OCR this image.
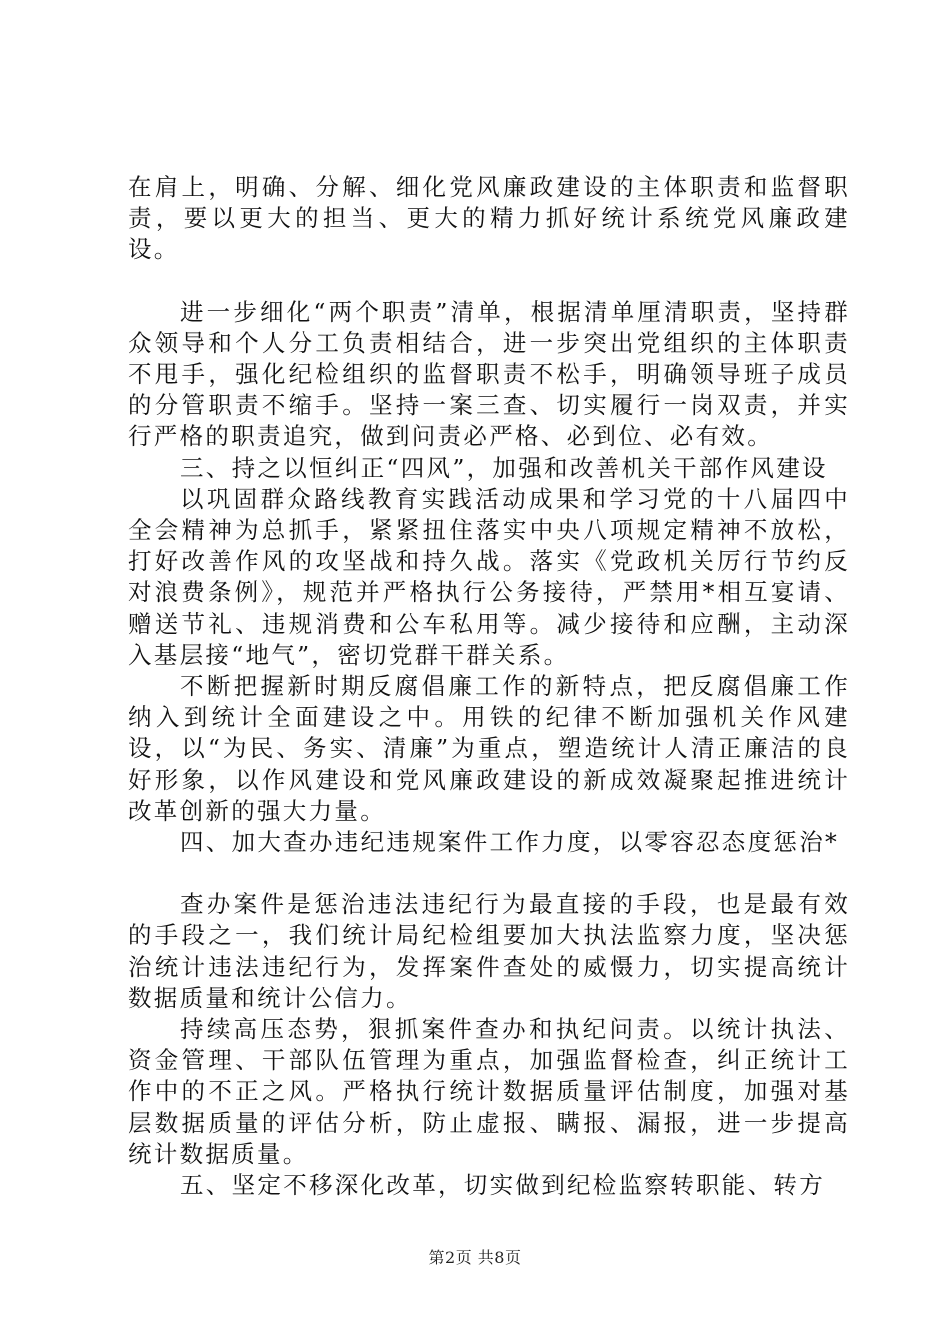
在肩上，明确、分解、细化党风廉政建设的主体职责和监督职责，要以更大的担当、更大的精力抓好统计系统党风廉政建设。

进一步细化“两个职责”清单，根据清单厘清职责，坚持群众领导和个人分工负责相结合，进一步突出党组织的主体职责不甩手，强化纪检组织的监督职责不松手，明确领导班子成员的分管职责不缩手。坚持一案三查、切实履行一岗双责，并实行严格的职责追究，做到问责必严格、必到位、必有效。

三、持之以恒纠正“四风”，加强和改善机关干部作风建设

以巩固群众路线教育实践活动成果和学习党的十八届四中全会精神为总抓手，紧紧扭住落实中央八项规定精神不放松，打好改善作风的攻坚战和持久战。落实《党政机关厉行节约反对浪费条例》，规范并严格执行公务接待，严禁用*相互宴请、赠送节礼、违规消费和公车私用等。减少接待和应酬，主动深入基层接“地气”，密切党群干群关系。

不断把握新时期反腐倡廉工作的新特点，把反腐倡廉工作纳入到统计全面建设之中。用铁的纪律不断加强机关作风建设，以“为民、务实、清廉”为重点，塑造统计人清正廉洁的良好形象，以作风建设和党风廉政建设的新成效凝聚起推进统计改革创新的强大力量。

四、加大查办违纪违规案件工作力度，以零容忍态度惩治*

查办案件是惩治违法违纪行为最直接的手段，也是最有效的手段之一，我们统计局纪检组要加大执法监察力度，坚决惩治统计违法违纪行为，发挥案件查处的威慑力，切实提高统计数据质量和统计公信力。

持续高压态势，狠抓案件查办和执纪问责。以统计执法、资金管理、干部队伍管理为重点，加强监督检查，纠正统计工作中的不正之风。严格执行统计数据质量评估制度，加强对基层数据质量的评估分析，防止虚报、瞒报、漏报，进一步提高统计数据质量。

五、坚定不移深化改革，切实做到纪检监察转职能、转方

第2页 共8页
